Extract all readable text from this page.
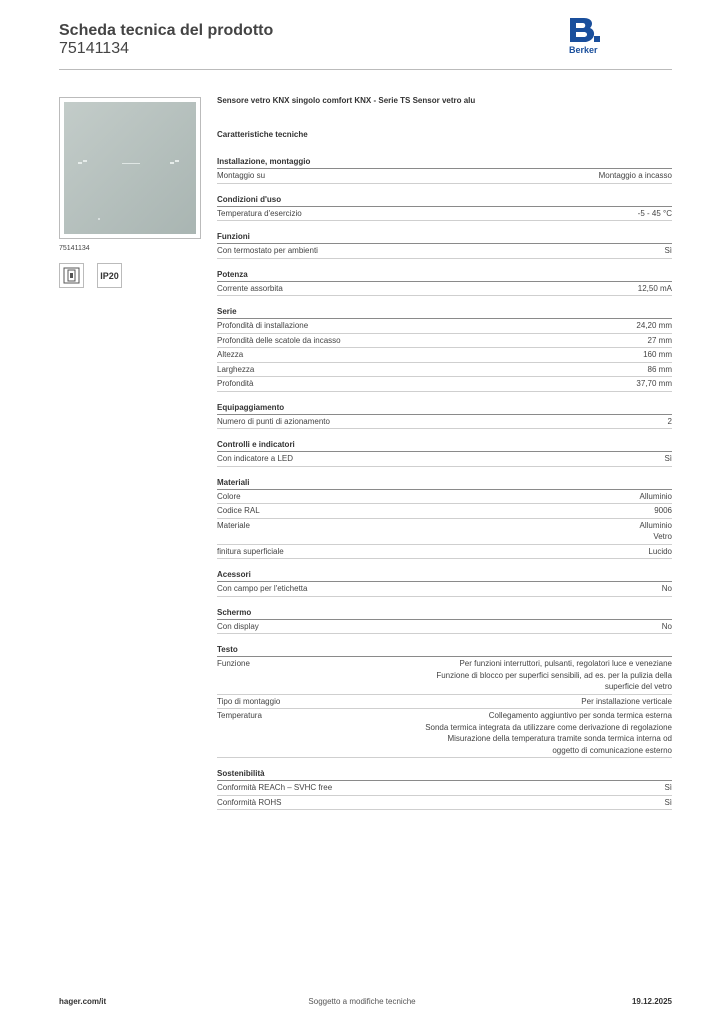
Scheda tecnica del prodotto
75141134	Berker
75141134
IP20
Sensore vetro KNX singolo comfort KNX - Serie TS Sensor vetro alu
Caratteristiche tecniche
Installazione, montaggio
Montaggio su	Montaggio a incasso
Condizioni d'uso
Temperatura d'esercizio	-5 - 45 °C
Funzioni
Con termostato per ambienti	Sì
Potenza
Corrente assorbita	12,50 mA
Serie
Profondità di installazione	24,20 mm
Profondità delle scatole da incasso	27 mm
Altezza	160 mm
Larghezza	86 mm
Profondità	37,70 mm
Equipaggiamento
Numero di punti di azionamento	2
Controlli e indicatori
Con indicatore a LED	Sì
Materiali
Colore	Alluminio
Codice RAL	9006
Materiale	Alluminio
Vetro
finitura superficiale	Lucido
Acessori
Con campo per l'etichetta	No
Schermo
Con display	No
Testo
Funzione	Per funzioni interruttori, pulsanti, regolatori luce e veneziane
Funzione di blocco per superfici sensibili, ad es. per la pulizia della
superficie del vetro
Tipo di montaggio	Per installazione verticale
Temperatura	Collegamento aggiuntivo per sonda termica esterna
Sonda termica integrata da utilizzare come derivazione di regolazione
Misurazione della temperatura tramite sonda termica interna od
oggetto di comunicazione esterno
Sostenibilità
Conformità REACh – SVHC free	Sì
Conformità ROHS	Sì
hager.com/it	Soggetto a modifiche tecniche	19.12.2025
